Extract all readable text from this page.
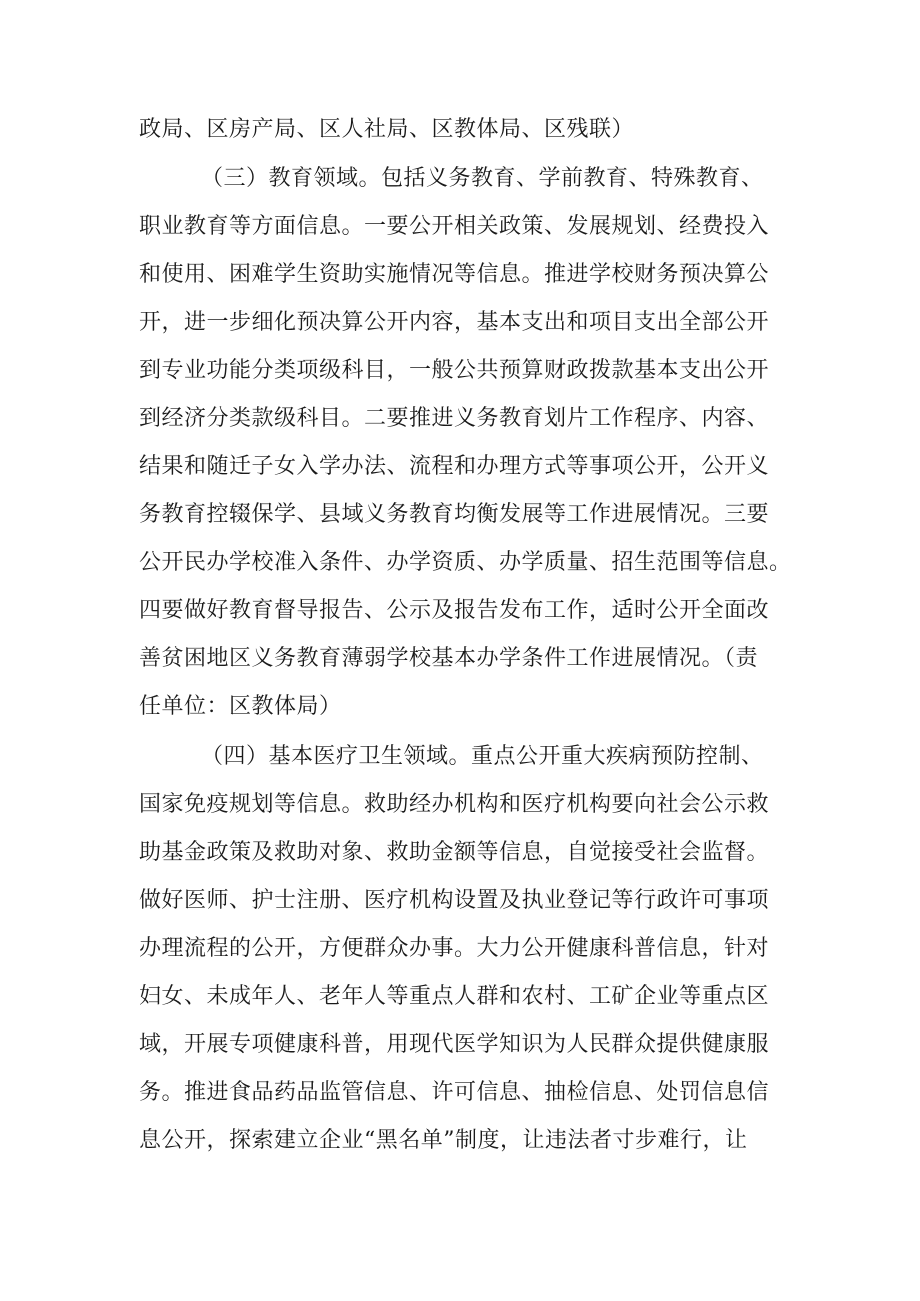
政局、区房产局、区人社局、区教体局、区残联）
（三）教育领域。包括义务教育、学前教育、特殊教育、
职业教育等方面信息。一要公开相关政策、发展规划、经费投入
和使用、困难学生资助实施情况等信息。推进学校财务预决算公
开，进一步细化预决算公开内容，基本支出和项目支出全部公开
到专业功能分类项级科目，一般公共预算财政拨款基本支出公开
到经济分类款级科目。二要推进义务教育划片工作程序、内容、
结果和随迁子女入学办法、流程和办理方式等事项公开，公开义
务教育控辍保学、县域义务教育均衡发展等工作进展情况。三要
公开民办学校准入条件、办学资质、办学质量、招生范围等信息。
四要做好教育督导报告、公示及报告发布工作，适时公开全面改
善贫困地区义务教育薄弱学校基本办学条件工作进展情况。（责
任单位：区教体局）
（四）基本医疗卫生领域。重点公开重大疾病预防控制、
国家免疫规划等信息。救助经办机构和医疗机构要向社会公示救
助基金政策及救助对象、救助金额等信息，自觉接受社会监督。
做好医师、护士注册、医疗机构设置及执业登记等行政许可事项
办理流程的公开，方便群众办事。大力公开健康科普信息，针对
妇女、未成年人、老年人等重点人群和农村、工矿企业等重点区
域，开展专项健康科普，用现代医学知识为人民群众提供健康服
务。推进食品药品监管信息、许可信息、抽检信息、处罚信息信
息公开，探索建立企业“黑名单”制度，让违法者寸步难行，让
